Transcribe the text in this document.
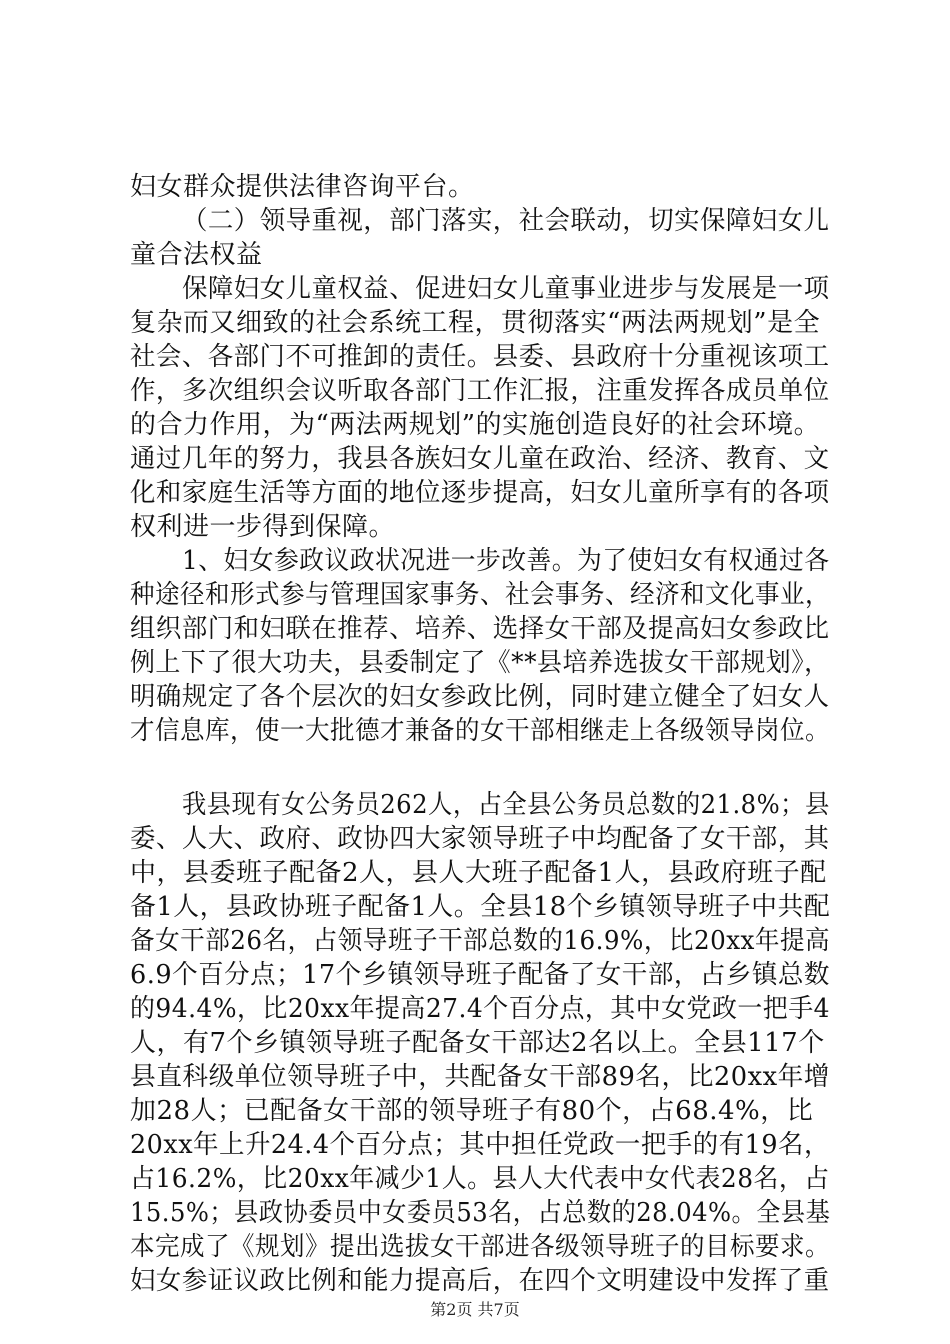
妇女群众提供法律咨询平台。
（二）领导重视，部门落实，社会联动，切实保障妇女儿
童合法权益
保障妇女儿童权益、促进妇女儿童事业进步与发展是一项
复杂而又细致的社会系统工程，贯彻落实“两法两规划”是全
社会、各部门不可推卸的责任。县委、县政府十分重视该项工
作，多次组织会议听取各部门工作汇报，注重发挥各成员单位
的合力作用，为“两法两规划”的实施创造良好的社会环境。
通过几年的努力，我县各族妇女儿童在政治、经济、教育、文
化和家庭生活等方面的地位逐步提高，妇女儿童所享有的各项
权利进一步得到保障。
1、妇女参政议政状况进一步改善。为了使妇女有权通过各
种途径和形式参与管理国家事务、社会事务、经济和文化事业，
组织部门和妇联在推荐、培养、选择女干部及提高妇女参政比
例上下了很大功夫，县委制定了《**县培养选拔女干部规划》，
明确规定了各个层次的妇女参政比例，同时建立健全了妇女人
才信息库，使一大批德才兼备的女干部相继走上各级领导岗位。
我县现有女公务员262人，占全县公务员总数的21.8%；县
委、人大、政府、政协四大家领导班子中均配备了女干部，其
中，县委班子配备2人，县人大班子配备1人，县政府班子配
备1人，县政协班子配备1人。全县18个乡镇领导班子中共配
备女干部26名，占领导班子干部总数的16.9%，比20xx年提高
6.9个百分点；17个乡镇领导班子配备了女干部，占乡镇总数
的94.4%，比20xx年提高27.4个百分点，其中女党政一把手4
人，有7个乡镇领导班子配备女干部达2名以上。全县117个
县直科级单位领导班子中，共配备女干部89名，比20xx年增
加28人；已配备女干部的领导班子有80个，占68.4%，比
20xx年上升24.4个百分点；其中担任党政一把手的有19名，
占16.2%，比20xx年减少1人。县人大代表中女代表28名，占
15.5%；县政协委员中女委员53名，占总数的28.04%。全县基
本完成了《规划》提出选拔女干部进各级领导班子的目标要求。
妇女参证议政比例和能力提高后，在四个文明建设中发挥了重
第2页 共7页
